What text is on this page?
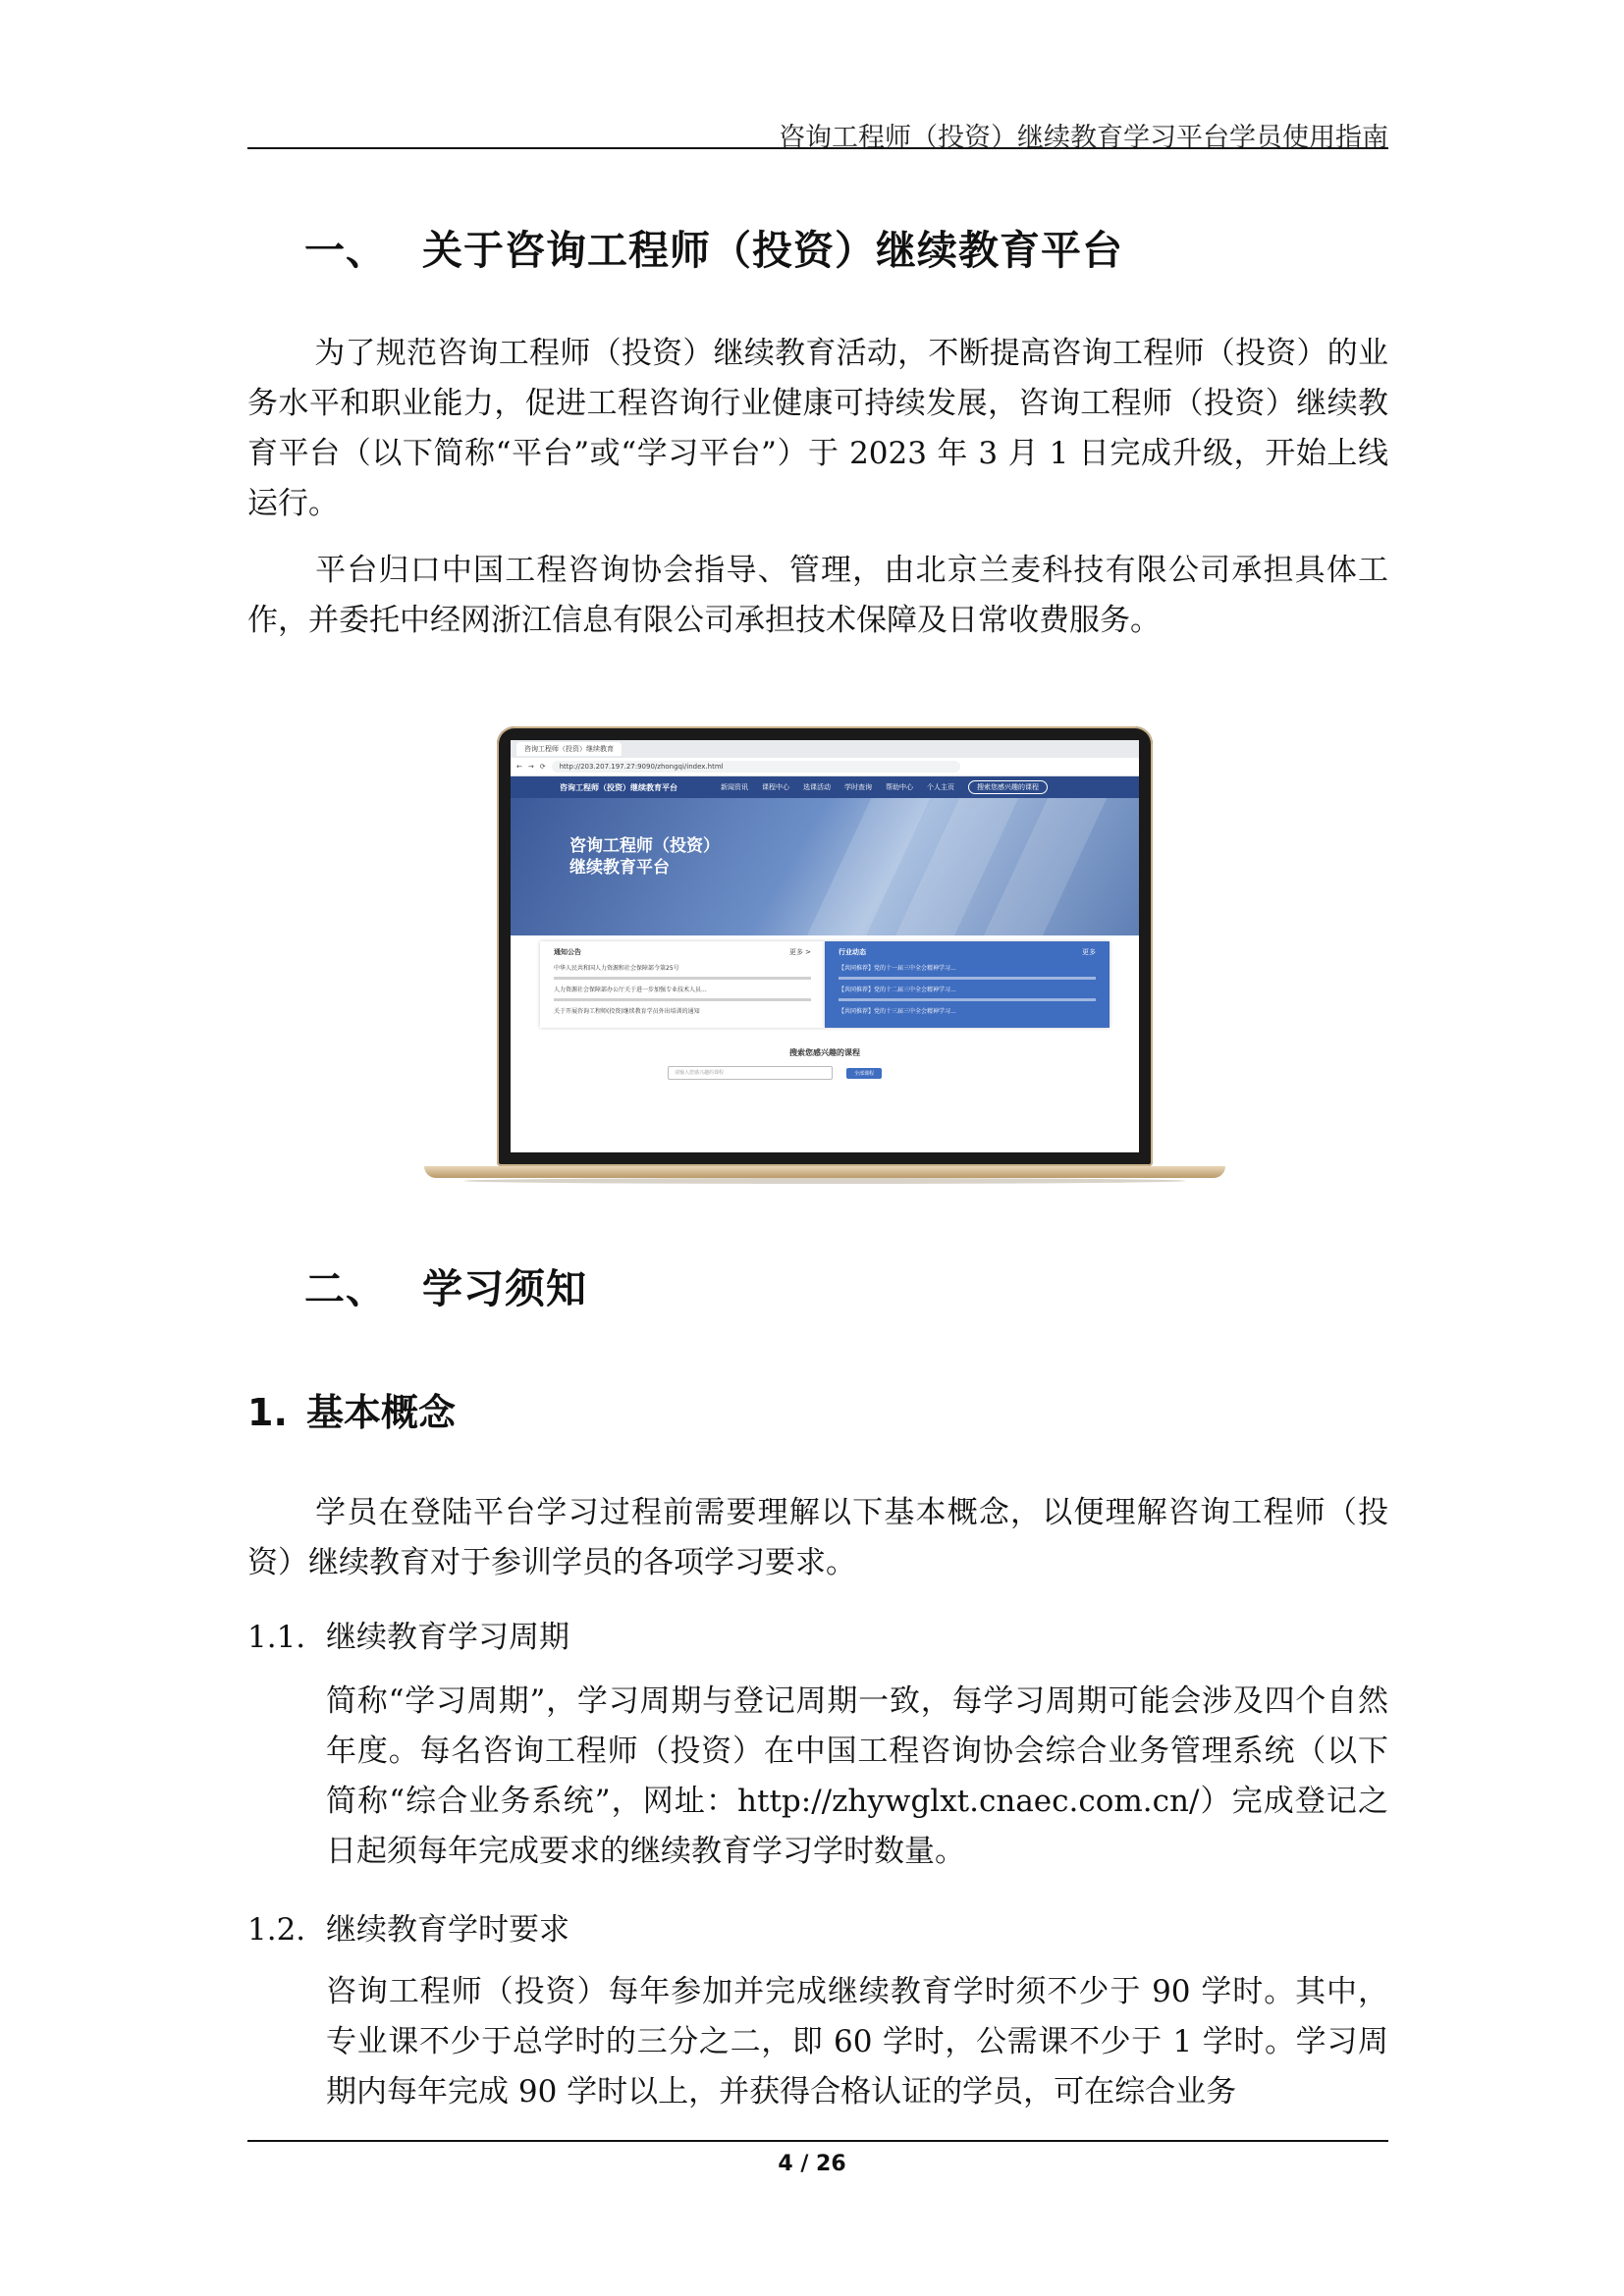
咨询工程师（投资）继续教育学习平台学员使用指南
一、 关于咨询工程师（投资）继续教育平台
为了规范咨询工程师（投资）继续教育活动，不断提高咨询工程师（投资）的业务水平和职业能力，促进工程咨询行业健康可持续发展，咨询工程师（投资）继续教育平台（以下简称“平台”或“学习平台”）于 2023 年 3 月 1 日完成升级，开始上线运行。
平台归口中国工程咨询协会指导、管理，由北京兰麦科技有限公司承担具体工作，并委托中经网浙江信息有限公司承担技术保障及日常收费服务。
咨询工程师（投资）继续教育
← → ⟳	http://203.207.197.27:9090/zhongqi/index.html
咨询工程师（投资）继续教育平台	新闻资讯 课程中心 选课活动 学时查询 帮助中心 个人主页	搜索您感兴趣的课程
咨询工程师（投资）
继续教育平台
通知公告	更多 >
中华人民共和国人力资源和社会保障部令第25号
人力资源社会保障部办公厅关于进一步加强专业技术人员...
关于开展咨询工程师(投资)继续教育学员外出培训的通知
行业动态	更多
【共同推荐】党的十一届三中全会精神学习...
【共同推荐】党的十二届三中全会精神学习...
【共同推荐】党的十三届三中全会精神学习...
搜索您感兴趣的课程
请输入您感兴趣的课程	全部课程
二、 学习须知
1. 基本概念
学员在登陆平台学习过程前需要理解以下基本概念，以便理解咨询工程师（投资）继续教育对于参训学员的各项学习要求。
1.1. 继续教育学习周期
简称“学习周期”，学习周期与登记周期一致，每学习周期可能会涉及四个自然年度。每名咨询工程师（投资）在中国工程咨询协会综合业务管理系统（以下简称“综合业务系统”，网址：http://zhywglxt.cnaec.com.cn/）完成登记之日起须每年完成要求的继续教育学习学时数量。
1.2. 继续教育学时要求
咨询工程师（投资）每年参加并完成继续教育学时须不少于 90 学时。其中，专业课不少于总学时的三分之二，即 60 学时，公需课不少于 1 学时。学习周期内每年完成 90 学时以上，并获得合格认证的学员，可在综合业务
4 / 26
